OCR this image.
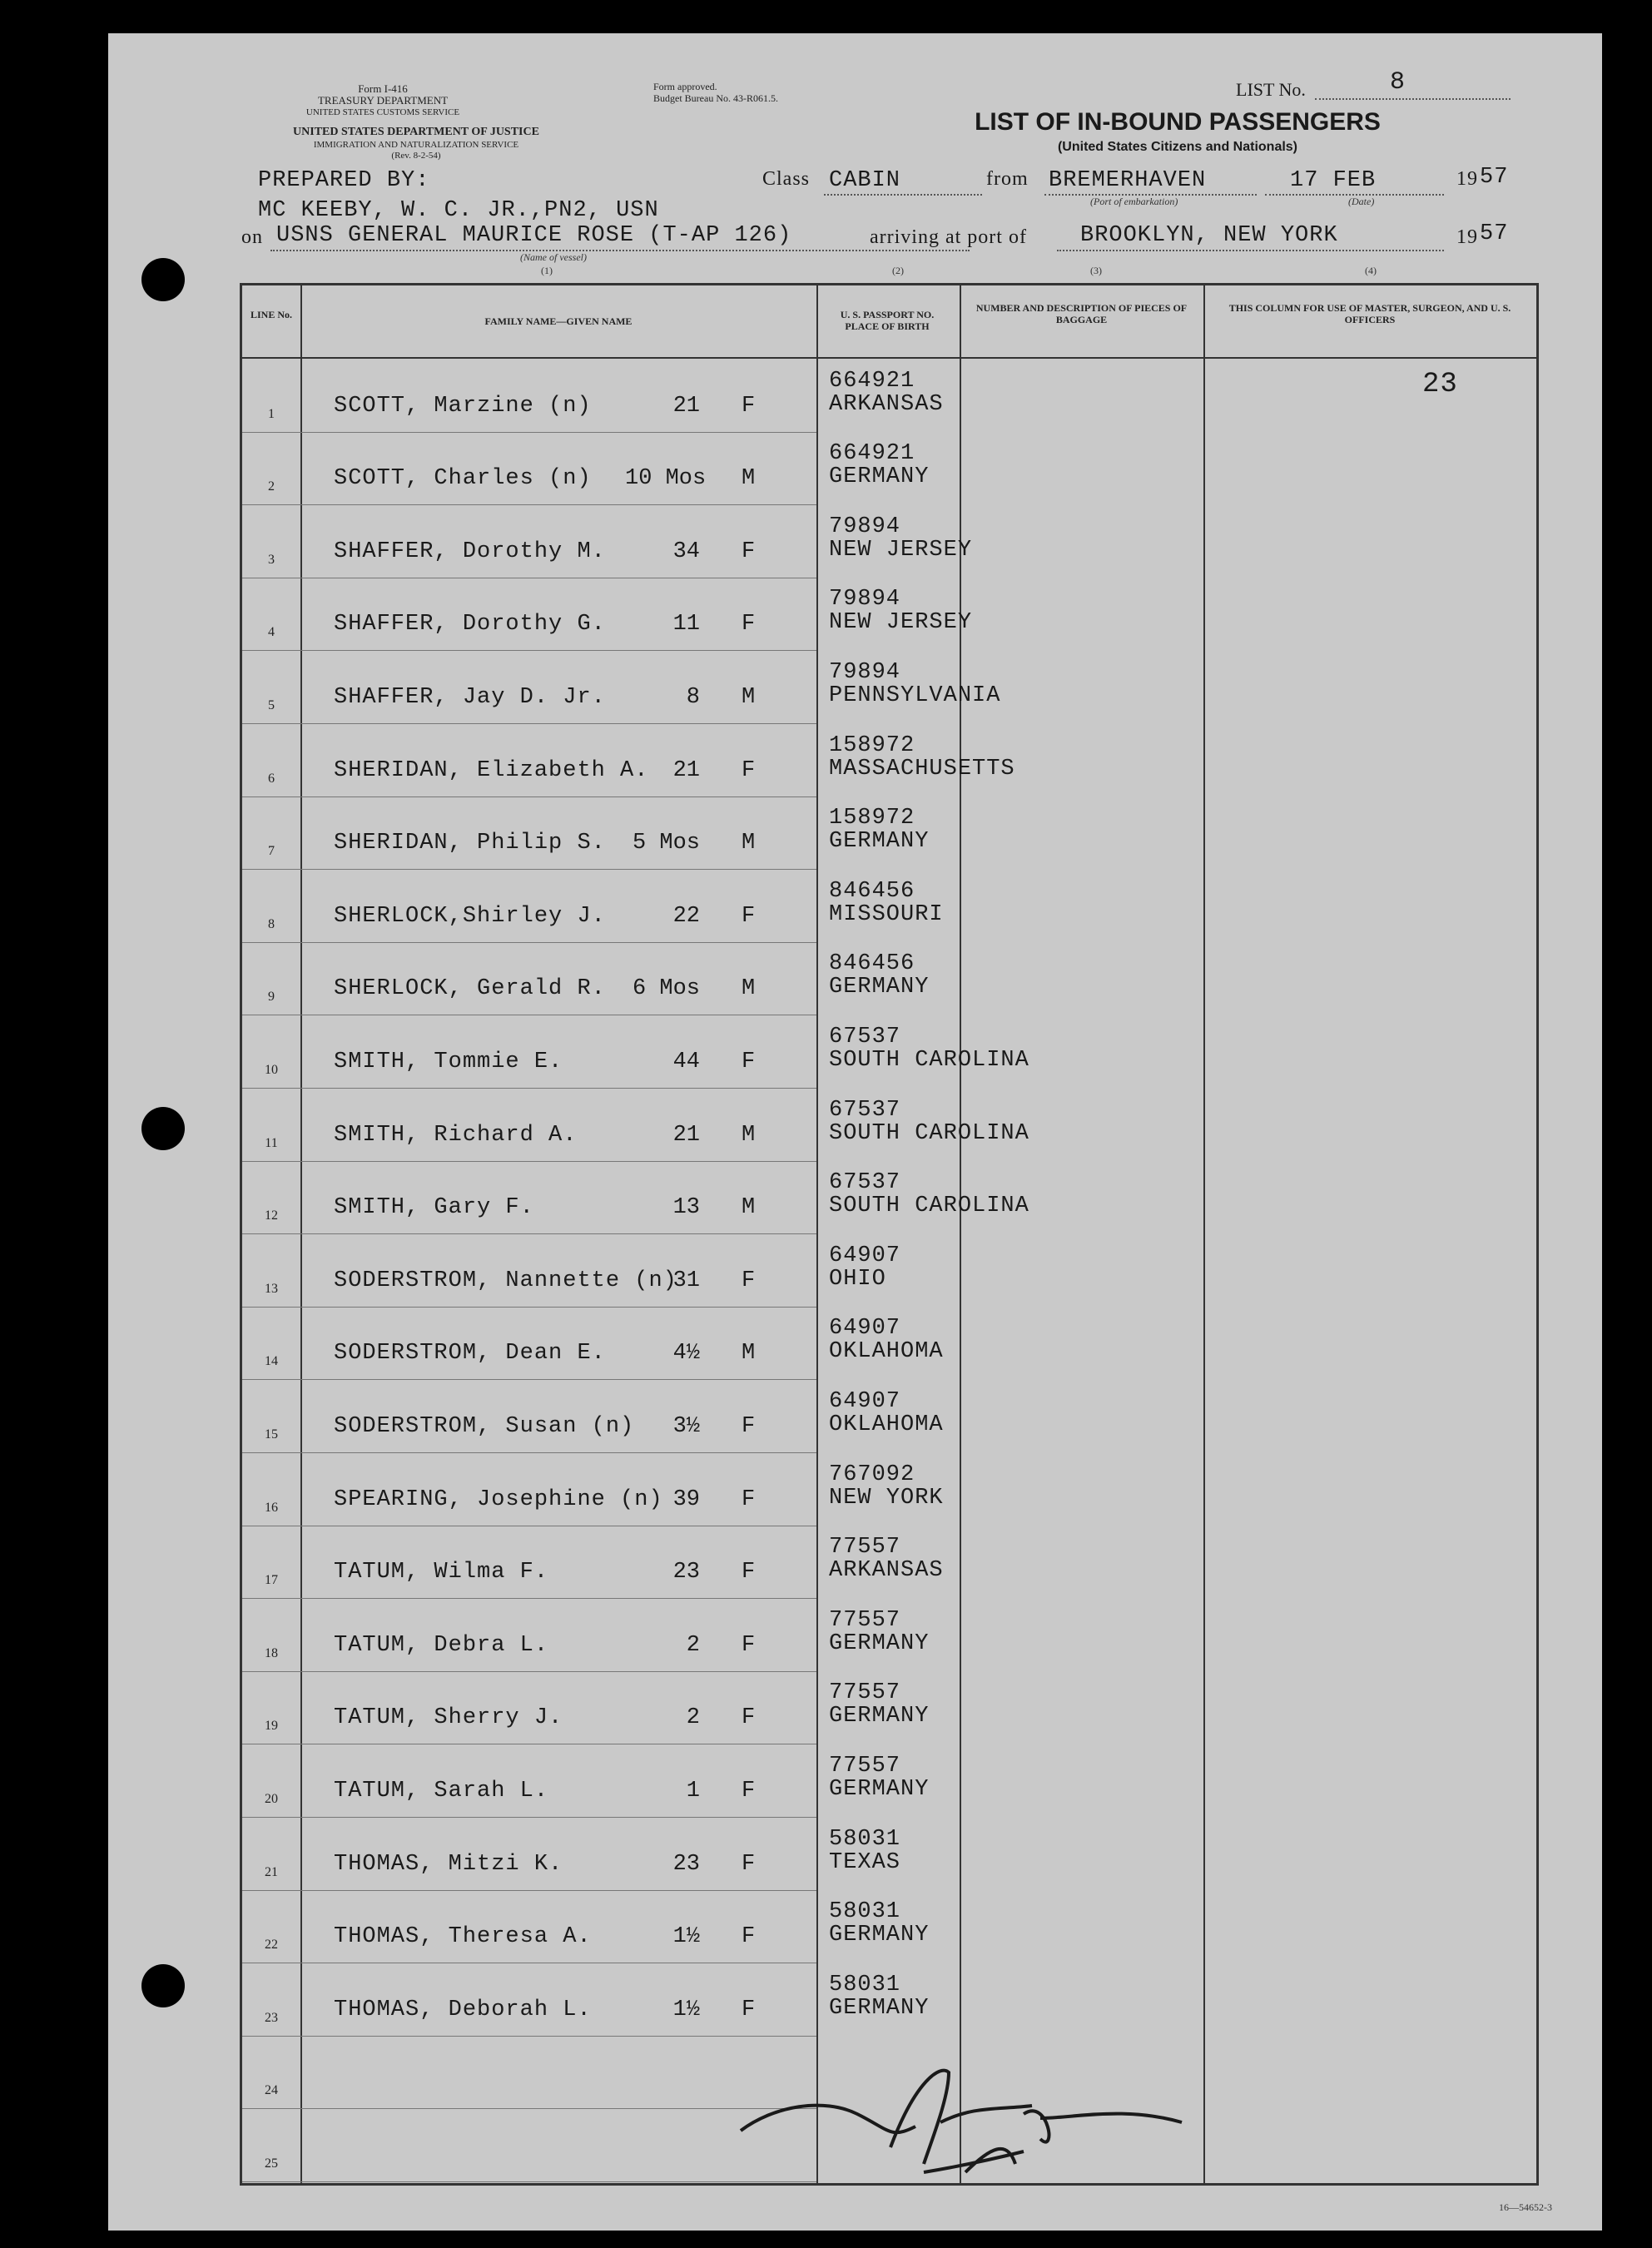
Form I-416
TREASURY DEPARTMENT
UNITED STATES CUSTOMS SERVICE
UNITED STATES DEPARTMENT OF JUSTICE
IMMIGRATION AND NATURALIZATION SERVICE
(Rev. 8-2-54)
Form approved.
Budget Bureau No. 43-R061.5.	LIST No.	8
LIST OF IN-BOUND PASSENGERS
(United States Citizens and Nationals)
PREPARED BY:
MC KEEBY, W. C. JR.,PN2, USN
Class CABIN	from BREMERHAVEN
(Port of embarkation)
17 FEB
(Date)
19 57
on USNS GENERAL MAURICE ROSE (T-AP 126)
(Name of vessel)
arriving at port of BROOKLYN, NEW YORK	19 57
(1)	(2)	(3)	(4)
LINE No.
FAMILY NAME—GIVEN NAME
U. S. PASSPORT NO. PLACE OF BIRTH
NUMBER AND DESCRIPTION OF PIECES OF BAGGAGE
THIS COLUMN FOR USE OF MASTER, SURGEON, AND U. S. OFFICERS
23
1	SCOTT, Marzine (n)	21 F
664921
ARKANSAS
2	SCOTT, Charles (n) 10 Mos M
664921
GERMANY
3	SHAFFER, Dorothy M.	34 F
79894
NEW JERSEY
4	SHAFFER, Dorothy G.	11 F
79894
NEW JERSEY
5	SHAFFER, Jay D. Jr.	8 M
79894
PENNSYLVANIA
6	SHERIDAN, Elizabeth A.	21 F
158972
MASSACHUSETTS
7	SHERIDAN, Philip S.	5 Mos M
158972
GERMANY
8	SHERLOCK,Shirley J.	22 F
846456
MISSOURI
9	SHERLOCK, Gerald R.	6 Mos M
846456
GERMANY
10	SMITH, Tommie E.	44 F
67537
SOUTH CAROLINA
11	SMITH, Richard A.	21 M
67537
SOUTH CAROLINA
12	SMITH, Gary F.	13 M
67537
SOUTH CAROLINA
13	SODERSTROM, Nannette (n)
31 F
64907
OHIO
14	SODERSTROM, Dean E.	4½ M
64907
OKLAHOMA
15	SODERSTROM, Susan (n)	3½ F
64907
OKLAHOMA
16	SPEARING, Josephine (n) 39 F
767092
NEW YORK
17	TATUM, Wilma F.	23 F
77557
ARKANSAS
18	TATUM, Debra L.	2 F
77557
GERMANY
19	TATUM, Sherry J.	2 F
77557
GERMANY
20	TATUM, Sarah L.	1 F
77557
GERMANY
21	THOMAS, Mitzi K.	23 F
58031
TEXAS
22	THOMAS, Theresa A.	1½ F
58031
GERMANY
23	THOMAS, Deborah L.	1½ F
58031
GERMANY
24
25
16—54652-3
